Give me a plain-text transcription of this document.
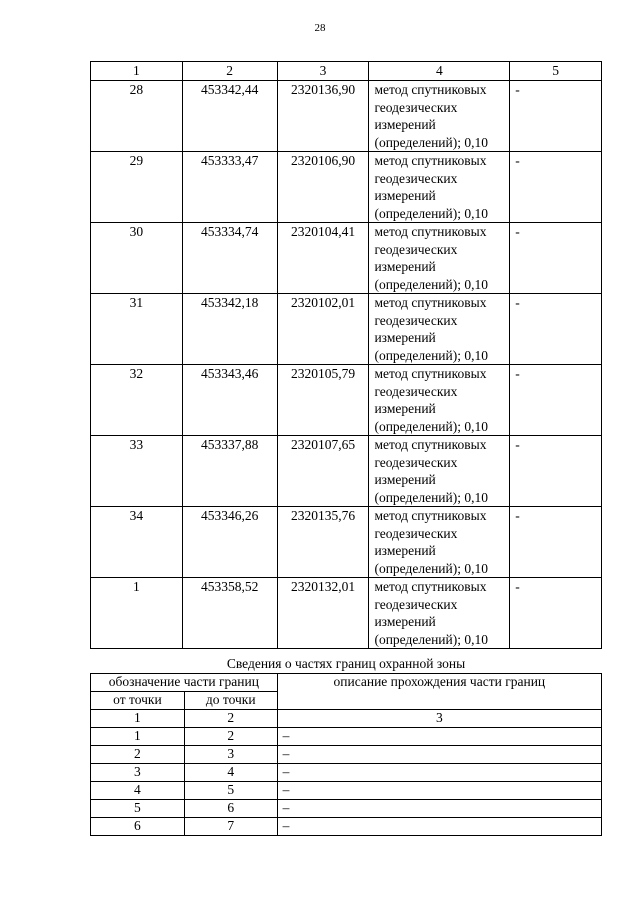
28
1	2	3	4	5
28	453342,44	2320136,90	метод спутниковых
геодезических
измерений
(определений); 0,10	-
29	453333,47	2320106,90	метод спутниковых
геодезических
измерений
(определений); 0,10	-
30	453334,74	2320104,41	метод спутниковых
геодезических
измерений
(определений); 0,10	-
31	453342,18	2320102,01	метод спутниковых
геодезических
измерений
(определений); 0,10	-
32	453343,46	2320105,79	метод спутниковых
геодезических
измерений
(определений); 0,10	-
33	453337,88	2320107,65	метод спутниковых
геодезических
измерений
(определений); 0,10	-
34	453346,26	2320135,76	метод спутниковых
геодезических
измерений
(определений); 0,10	-
1	453358,52	2320132,01	метод спутниковых
геодезических
измерений
(определений); 0,10	-
Сведения о частях границ охранной зоны
обозначение части границ		описание прохождения части границ
от точки	до точки	
1	2	3
1	2	–
2	3	–
3	4	–
4	5	–
5	6	–
6	7	–
